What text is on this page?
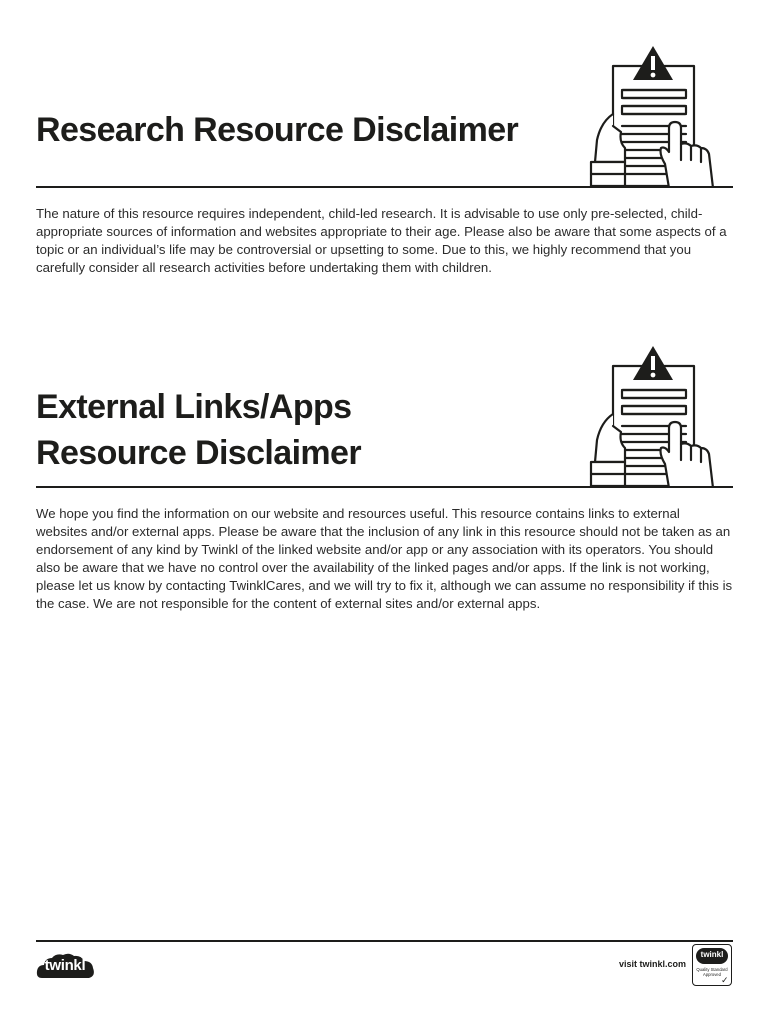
Research Resource Disclaimer

The nature of this resource requires independent, child-led research. It is advisable to use only pre-selected, child-appropriate sources of information and websites appropriate to their age. Please also be aware that some aspects of a topic or an individual’s life may be controversial or upsetting to some. Due to this, we highly recommend that you carefully consider all research activities before undertaking them with children.

External Links/Apps
Resource Disclaimer

We hope you find the information on our website and resources useful. This resource contains links to external websites and/or external apps. Please be aware that the inclusion of any link in this resource should not be taken as an endorsement of any kind by Twinkl of the linked website and/or app or any association with its operators. You should also be aware that we have no control over the availability of the linked pages and/or apps. If the link is not working, please let us know by contacting TwinklCares, and we will try to fix it, although we can assume no responsibility if this is the case. We are not responsible for the content of external sites and/or external apps.

twinkl	visit twinkl.com
twinkl
Quality Standard Approved
✓
